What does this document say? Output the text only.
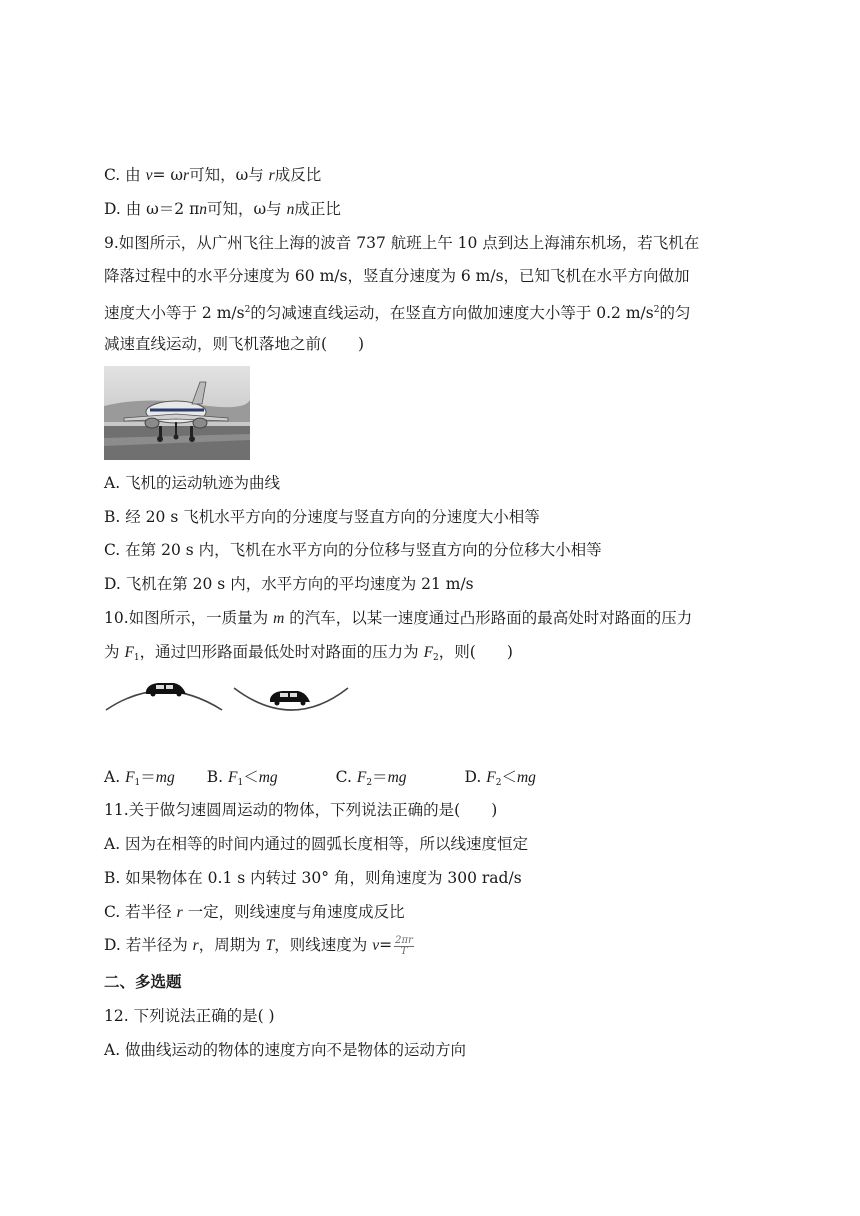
C. 由 v= ωr可知，ω与 r成反比
D. 由 ω＝2 πn可知，ω与 n成正比
9.如图所示，从广州飞往上海的波音 737 航班上午 10 点到达上海浦东机场，若飞机在
降落过程中的水平分速度为 60 m/s，竖直分速度为 6 m/s，已知飞机在水平方向做加
速度大小等于 2 $m/s^2$的匀减速直线运动，在竖直方向做加速度大小等于 0.2 $m/s^2$的匀
减速直线运动，则飞机落地之前(　　)
A. 飞机的运动轨迹为曲线
B. 经 20 s 飞机水平方向的分速度与竖直方向的分速度大小相等
C. 在第 20 s 内，飞机在水平方向的分位移与竖直方向的分位移大小相等
D. 飞机在第 20 s 内，水平方向的平均速度为 21 m/s
10.如图所示，一质量为 m 的汽车，以某一速度通过凸形路面的最高处时对路面的压力
为 $F_1$，通过凹形路面最低处时对路面的压力为 $F_2$，则(　　)
A. $F_1=mg$ B. $F_1<mg$	C. $F_2=mg$	D. $F_2<mg$
11.关于做匀速圆周运动的物体，下列说法正确的是(　　)
A. 因为在相等的时间内通过的圆弧长度相等，所以线速度恒定
B. 如果物体在 0.1 s 内转过 30° 角，则角速度为 300 rad/s
C. 若半径 r 一定，则线速度与角速度成反比
D. 若半径为 r，周期为 T，则线速度为 $v= \frac{2\pi r}{T}$
二、多选题
12. 下列说法正确的是( )
A. 做曲线运动的物体的速度方向不是物体的运动方向
